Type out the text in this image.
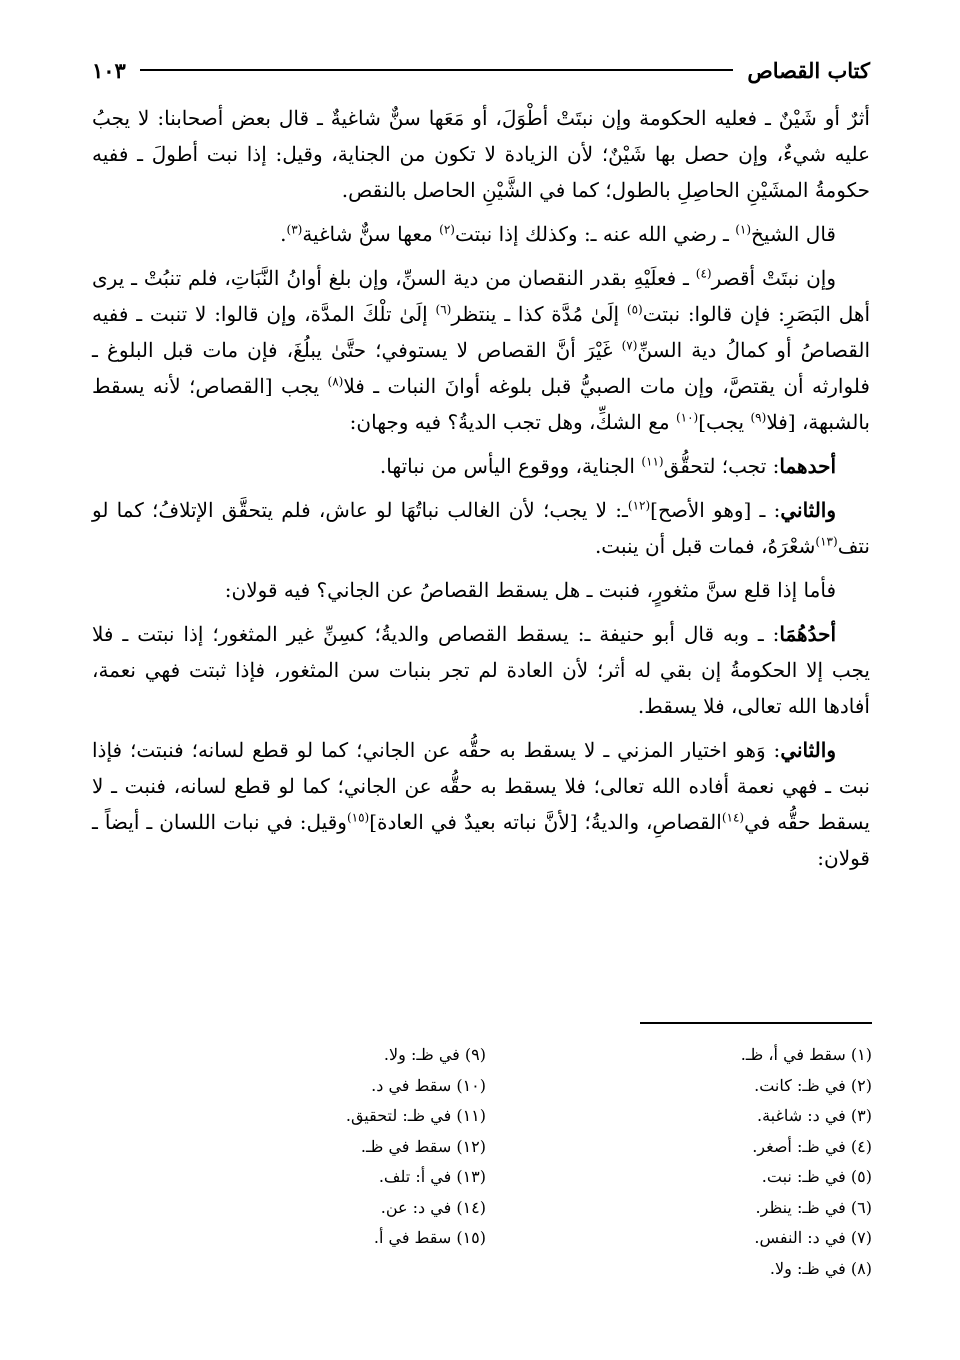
كتاب القصاص
١٠٣

أثرٌ أو شَيْنٌ ـ فعليه الحكومة وإن نبتَتْ أطْوَلَ، أو مَعَها سنٌّ شاغيةٌ ـ قال بعض أصحابنا: لا يجبُ عليه شيءٌ، وإن حصل بها شَيْنٌ؛ لأن الزيادة لا تكون من الجناية، وقيل: إذا نبت أطولَ ـ ففيه حكومةُ المشَيْنِ الحاصِلِ بالطول؛ كما في الشَّيْنِ الحاصل بالنقص.

قال الشيخ$^{(١)}$ ـ رضي الله عنه ـ: وكذلك إذا نبتت$^{(٢)}$ معها سنٌّ شاغية$^{(٣)}$.

وإن نبتَتْ أقصر$^{(٤)}$ ـ فعلَيْهِ بقدر النقصان من دية السنِّ، وإن بلغ أوانُ النَّبَاتِ، فلم تنبُتْ ـ يرى أهل البَصَرِ: فإن قالوا: نبتت$^{(٥)}$ إلَىٰ مُدَّة كذا ـ ينتظر$^{(٦)}$ إلَىٰ تلْكَ المدَّة، وإن قالوا: لا تنبت ـ ففيه القصاصُ أو كمالُ دية السنِّ$^{(٧)}$ غَيْرَ أنَّ القصاص لا يستوفي؛ حتَّىٰ يبلُغَ، فإن مات قبل البلوغ ـ فلوارثه أن يقتصَّ، وإن مات الصبيُّ قبل بلوغه أوانَ النبات ـ فلا$^{(٨)}$ يجب [القصاص؛ لأنه يسقط بالشبهة، [فلا$^{(٩)}$ يجب]$^{(١٠)}$ مع الشكِّ، وهل تجب الديةُ؟ فيه وجهان:

أحدهما: تجب؛ لتحقُّق$^{(١١)}$ الجناية، ووقوع اليأس من نباتها.

والثاني: ـ [وهو الأصح]$^{(١٢)}$ـ: لا يجب؛ لأن الغالب نباتُهَا لو عاش، فلم يتحقَّق الإتلافُ؛ كما لو نتف$^{(١٣)}$شعْرَهُ، فمات قبل أن ينبت.

فأما إذا قلع سنَّ مثغورٍ، فنبت ـ هل يسقط القصاصُ عن الجاني؟ فيه قولان:

أحدُهُمَا: ـ وبه قال أبو حنيفة ـ: يسقط القصاص والديةُ؛ كسِنِّ غير المثغور؛ إذا نبتت ـ فلا يجب إلا الحكومةُ إن بقي له أثر؛ لأن العادة لم تجر بنبات سن المثغور، فإذا ثبتت فهي نعمة، أفادها الله تعالى، فلا يسقط.

والثاني: وَهو اختيار المزني ـ لا يسقط به حقُّه عن الجاني؛ كما لو قطع لسانه؛ فنبتت؛ فإذا نبت ـ فهي نعمة أفاده الله تعالى؛ فلا يسقط به حقُّه عن الجاني؛ كما لو قطع لسانه، فنبت ـ لا يسقط حقُّه في$^{(١٤)}$القصاصِ، والديةُ؛ [لأنَّ نباته بعيدٌ في العادة]$^{(١٥)}$وقيل: في نبات اللسان ـ أيضاً ـ قولان:

(١) سقط في أ، ظـ.
(٢) في ظـ: كانت.
(٣) في د: شاغبة.
(٤) في ظـ: أصغر.
(٥) في ظـ: نبت.
(٦) في ظـ: ينظر.
(٧) في د: النفس.
(٨) في ظـ: ولا.
(٩) في ظـ: ولا.
(١٠) سقط في د.
(١١) في ظـ: لتحقيق.
(١٢) سقط في ظـ.
(١٣) في أ: تلف.
(١٤) في د: عن.
(١٥) سقط في أ.
